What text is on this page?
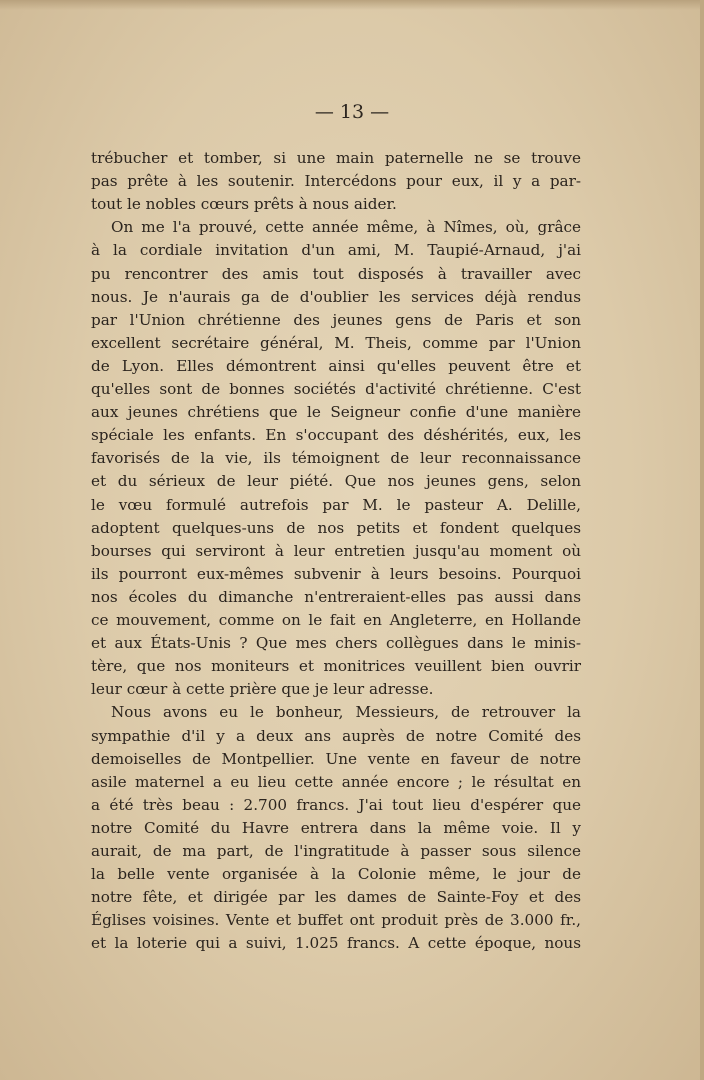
— 13 —
trébucher et tomber, si une main paternelle ne se trouve
pas prête à les soutenir. Intercédons pour eux, il y a par-
tout le nobles cœurs prêts à nous aider.
On me l'a prouvé, cette année même, à Nîmes, où, grâce
à la cordiale invitation d'un ami, M. Taupié-Arnaud, j'ai
pu rencontrer des amis tout disposés à travailler avec
nous. Je n'aurais ga de d'oublier les services déjà rendus
par l'Union chrétienne des jeunes gens de Paris et son
excellent secrétaire général, M. Theis, comme par l'Union
de Lyon. Elles démontrent ainsi qu'elles peuvent être et
qu'elles sont de bonnes sociétés d'activité chrétienne. C'est
aux jeunes chrétiens que le Seigneur confie d'une manière
spéciale les enfants. En s'occupant des déshérités, eux, les
favorisés de la vie, ils témoignent de leur reconnaissance
et du sérieux de leur piété. Que nos jeunes gens, selon
le vœu formulé autrefois par M. le pasteur A. Delille,
adoptent quelques-uns de nos petits et fondent quelques
bourses qui serviront à leur entretien jusqu'au moment où
ils pourront eux-mêmes subvenir à leurs besoins. Pourquoi
nos écoles du dimanche n'entreraient-elles pas aussi dans
ce mouvement, comme on le fait en Angleterre, en Hollande
et aux États-Unis ? Que mes chers collègues dans le minis-
tère, que nos moniteurs et monitrices veuillent bien ouvrir
leur cœur à cette prière que je leur adresse.
Nous avons eu le bonheur, Messieurs, de retrouver la
sympathie d'il y a deux ans auprès de notre Comité des
demoiselles de Montpellier. Une vente en faveur de notre
asile maternel a eu lieu cette année encore ; le résultat en
a été très beau : 2.700 francs. J'ai tout lieu d'espérer que
notre Comité du Havre entrera dans la même voie. Il y
aurait, de ma part, de l'ingratitude à passer sous silence
la belle vente organisée à la Colonie même, le jour de
notre fête, et dirigée par les dames de Sainte-Foy et des
Églises voisines. Vente et buffet ont produit près de 3.000 fr.,
et la loterie qui a suivi, 1.025 francs. A cette époque, nous
